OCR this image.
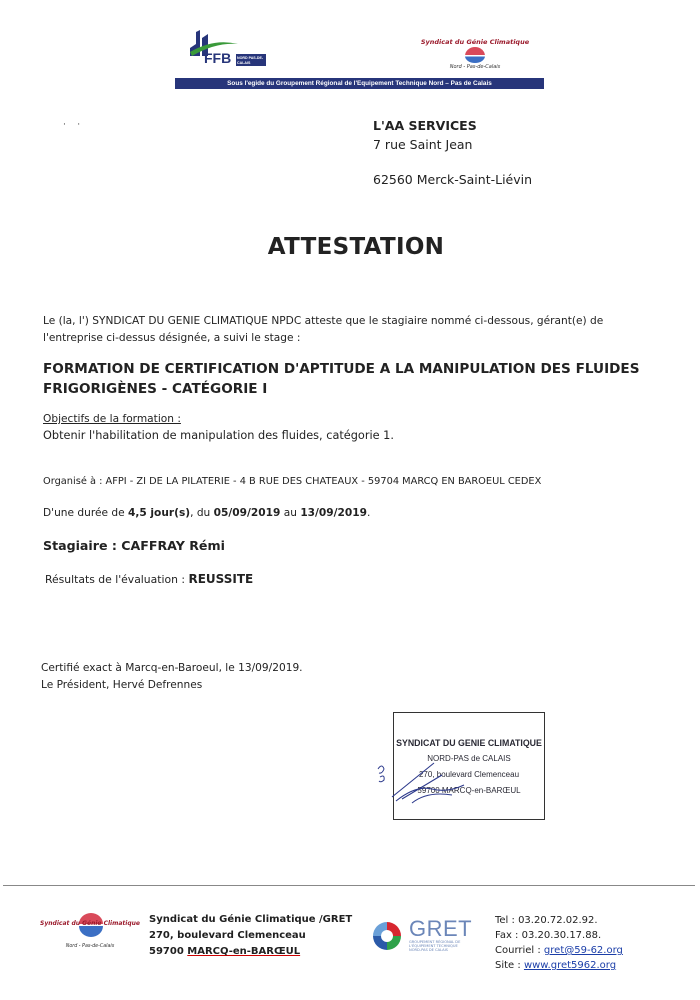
FFB NORD PAS-DE-CALAIS
Syndicat du Génie Climatique
Nord - Pas-de-Calais
Sous l'egide du Groupement Régional de l'Equipement Technique Nord – Pas de Calais
·    ·	L'AA SERVICES
7 rue Saint Jean
62560 Merck-Saint-Liévin
ATTESTATION
Le (la, l') SYNDICAT DU GENIE CLIMATIQUE NPDC atteste que le stagiaire nommé ci-dessous, gérant(e) de l'entreprise ci-dessus désignée, a suivi le stage :
FORMATION DE CERTIFICATION D'APTITUDE A LA MANIPULATION DES FLUIDES FRIGORIGÈNES - CATÉGORIE I
Objectifs de la formation :
Obtenir l'habilitation de manipulation des fluides, catégorie 1.
Organisé à : AFPI - ZI DE LA PILATERIE - 4 B RUE DES CHATEAUX - 59704 MARCQ EN BAROEUL CEDEX
D'une durée de 4,5 jour(s), du 05/09/2019 au 13/09/2019.
Stagiaire : CAFFRAY Rémi
Résultats de l'évaluation : REUSSITE
Certifié exact à Marcq-en-Baroeul, le 13/09/2019.
Le Président, Hervé Defrennes
SYNDICAT DU GENIE CLIMATIQUE
NORD-PAS de CALAIS
270, boulevard Clemenceau
59700 MARCQ-en-BARŒUL
Syndicat du Génie Climatique
Nord - Pas-de-Calais
Syndicat du Génie Climatique /GRET
270, boulevard Clemenceau
59700 MARCQ-en-BARŒUL
GRET
GROUPEMENT RÉGIONAL DE L'ÉQUIPEMENT TECHNIQUE NORD-PAS DE CALAIS
Tel : 03.20.72.02.92.
Fax : 03.20.30.17.88.
Courriel : gret@59-62.org
Site : www.gret5962.org
